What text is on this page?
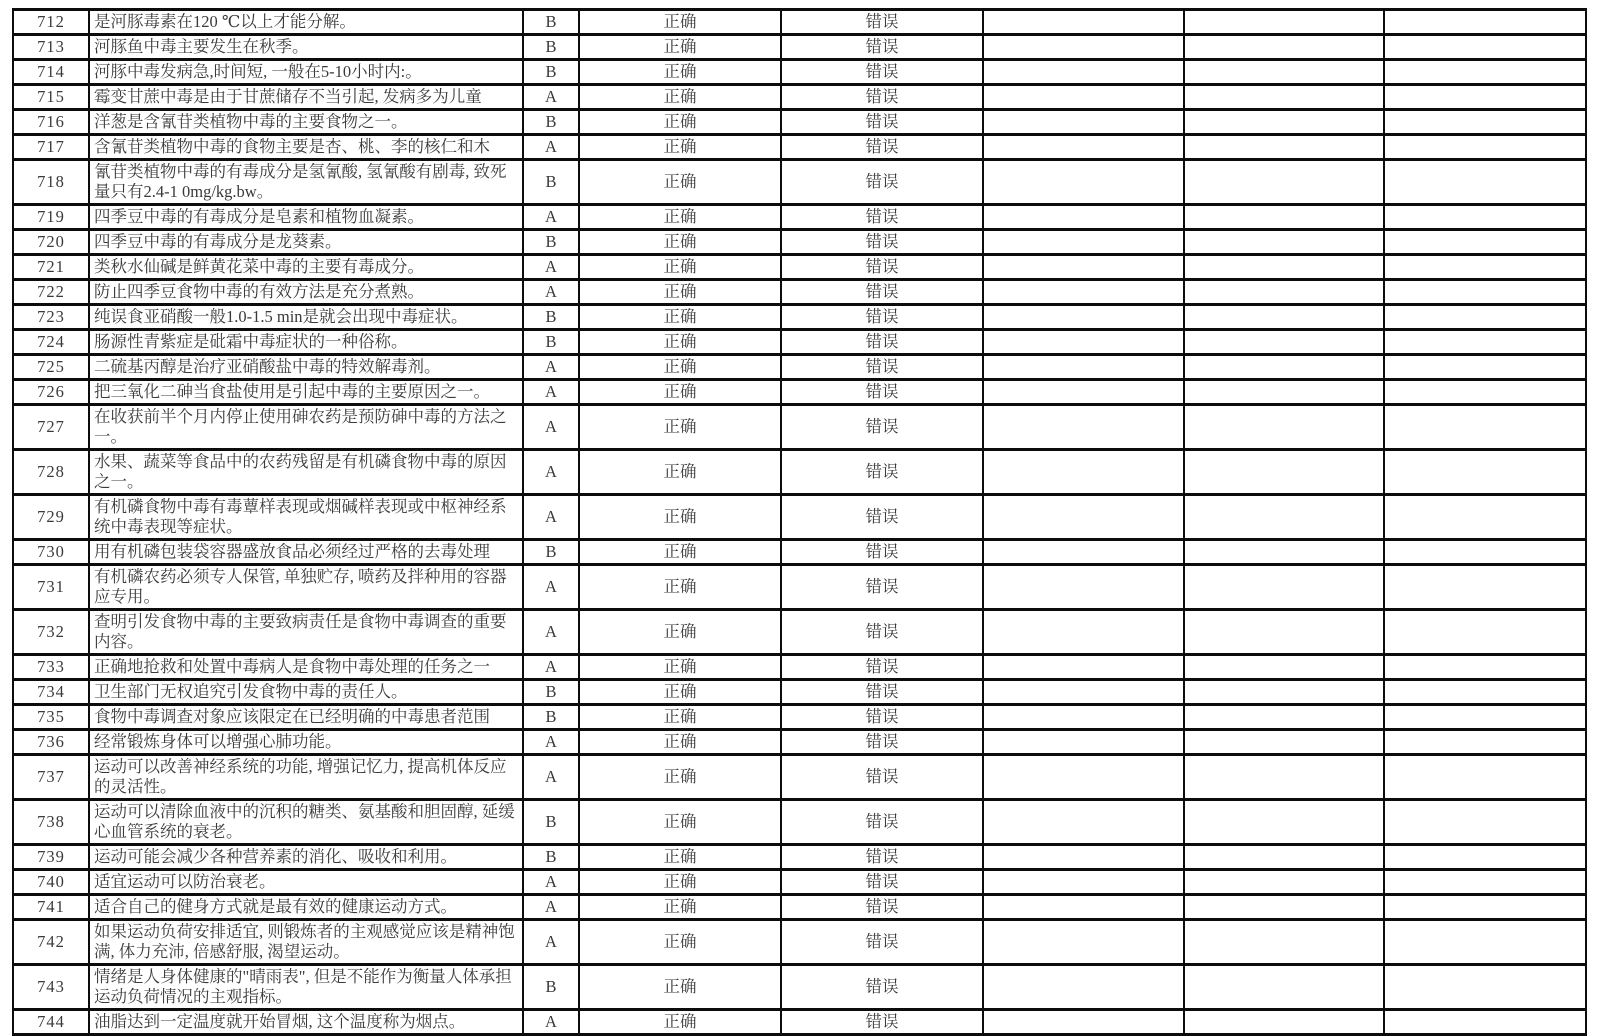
712	是河豚毒素在120 ℃以上才能分解。	B	正确	错误			
713	河豚鱼中毒主要发生在秋季。	B	正确	错误			
714	河豚中毒发病急,时间短, 一般在5-10小时内:。	B	正确	错误			
715	霉变甘蔗中毒是由于甘蔗储存不当引起, 发病多为儿童	A	正确	错误			
716	洋葱是含氰苷类植物中毒的主要食物之一。	B	正确	错误			
717	含氰苷类植物中毒的食物主要是杏、桃、李的核仁和木	A	正确	错误			
718	氰苷类植物中毒的有毒成分是氢氰酸, 氢氰酸有剧毒, 致死量只有2.4-1 0mg/kg.bw。	B	正确	错误			
719	四季豆中毒的有毒成分是皂素和植物血凝素。	A	正确	错误			
720	四季豆中毒的有毒成分是龙葵素。	B	正确	错误			
721	类秋水仙碱是鲜黄花菜中毒的主要有毒成分。	A	正确	错误			
722	防止四季豆食物中毒的有效方法是充分煮熟。	A	正确	错误			
723	纯误食亚硝酸一般1.0-1.5 min是就会出现中毒症状。	B	正确	错误			
724	肠源性青紫症是砒霜中毒症状的一种俗称。	B	正确	错误			
725	二硫基丙醇是治疗亚硝酸盐中毒的特效解毒剂。	A	正确	错误			
726	把三氧化二砷当食盐使用是引起中毒的主要原因之一。	A	正确	错误			
727	在收获前半个月内停止使用砷农药是预防砷中毒的方法之一。	A	正确	错误			
728	水果、蔬菜等食品中的农药残留是有机磷食物中毒的原因之一。	A	正确	错误			
729	有机磷食物中毒有毒蕈样表现或烟碱样表现或中枢神经系统中毒表现等症状。	A	正确	错误			
730	用有机磷包装袋容器盛放食品必须经过严格的去毒处理	B	正确	错误			
731	有机磷农药必须专人保管, 单独贮存, 喷药及拌种用的容器应专用。	A	正确	错误			
732	查明引发食物中毒的主要致病责任是食物中毒调查的重要内容。	A	正确	错误			
733	正确地抢救和处置中毒病人是食物中毒处理的任务之一	A	正确	错误			
734	卫生部门无权追究引发食物中毒的责任人。	B	正确	错误			
735	食物中毒调查对象应该限定在已经明确的中毒患者范围	B	正确	错误			
736	经常锻炼身体可以增强心肺功能。	A	正确	错误			
737	运动可以改善神经系统的功能, 增强记忆力, 提高机体反应的灵活性。	A	正确	错误			
738	运动可以清除血液中的沉积的糖类、氨基酸和胆固醇, 延缓心血管系统的衰老。	B	正确	错误			
739	运动可能会减少各种营养素的消化、吸收和利用。	B	正确	错误			
740	适宜运动可以防治衰老。	A	正确	错误			
741	适合自己的健身方式就是最有效的健康运动方式。	A	正确	错误			
742	如果运动负荷安排适宜, 则锻炼者的主观感觉应该是精神饱满, 体力充沛, 倍感舒服, 渴望运动。	A	正确	错误			
743	情绪是人身体健康的"晴雨表", 但是不能作为衡量人体承担运动负荷情况的主观指标。	B	正确	错误			
744	油脂达到一定温度就开始冒烟, 这个温度称为烟点。	A	正确	错误			
